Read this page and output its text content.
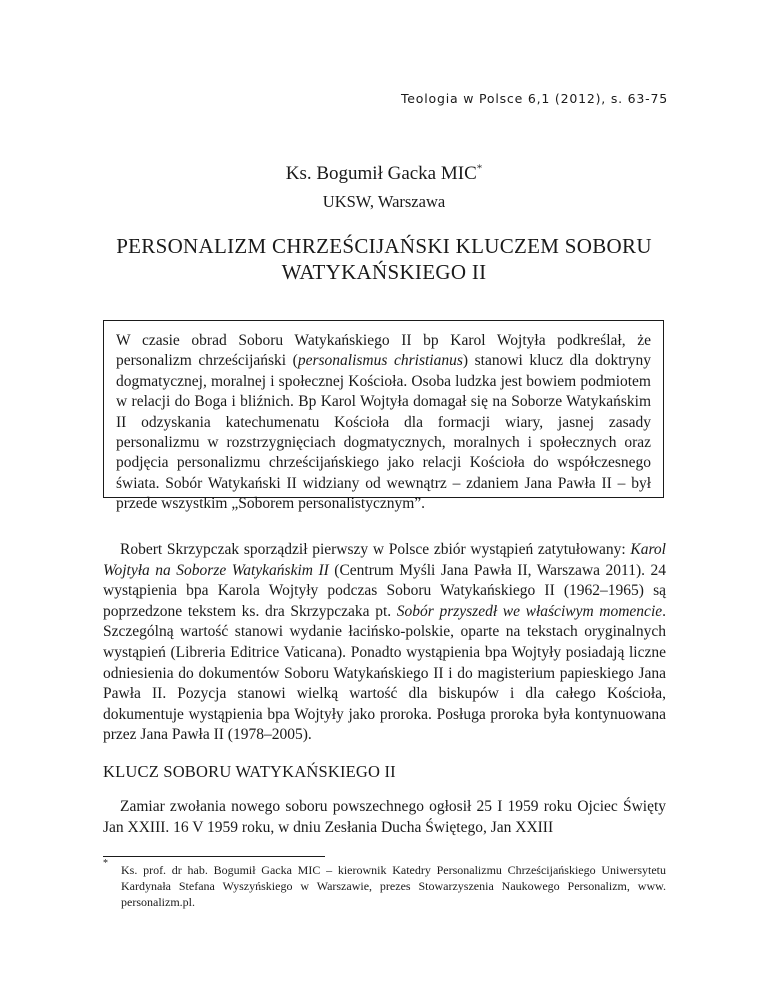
Teologia w Polsce 6,1 (2012), s. 63-75
Ks. Bogumił Gacka MIC*
UKSW, Warszawa
PERSONALIZM CHRZEŚCIJAŃSKI KLUCZEM SOBORU
WATYKAŃSKIEGO II

W czasie obrad Soboru Watykańskiego II bp Karol Wojtyła podkreślał, że personalizm chrześcijański (personalismus christianus) stanowi klucz dla doktryny dogmatycznej, moralnej i społecznej Kościoła. Osoba ludzka jest bowiem podmiotem w relacji do Boga i bliźnich. Bp Karol Wojtyła domagał się na Soborze Watykańskim II odzyskania katechumenatu Kościoła dla formacji wiary, jasnej zasady personalizmu w rozstrzygnięciach dogmatycznych, moralnych i społecznych oraz podjęcia personalizmu chrześcijańskiego jako relacji Kościoła do współczesnego świata. Sobór Watykański II widziany od wewnątrz – zdaniem Jana Pawła II – był przede wszystkim „Soborem personalistycznym”.

Robert Skrzypczak sporządził pierwszy w Polsce zbiór wystąpień zatytułowany: Karol Wojtyła na Soborze Watykańskim II (Centrum Myśli Jana Pawła II, Warszawa 2011). 24 wystąpienia bpa Karola Wojtyły podczas Soboru Watykańskiego II (1962–1965) są poprzedzone tekstem ks. dra Skrzypczaka pt. Sobór przyszedł we właściwym momencie. Szczególną wartość stanowi wydanie łacińsko-polskie, oparte na tekstach oryginalnych wystąpień (Libreria Editrice Vaticana). Ponadto wystąpienia bpa Wojtyły posiadają liczne odniesienia do dokumentów Soboru Watykańskiego II i do magisterium papieskiego Jana Pawła II. Pozycja stanowi wielką wartość dla biskupów i dla całego Kościoła, dokumentuje wystąpienia bpa Wojtyły jako proroka. Posługa proroka była kontynuowana przez Jana Pawła II (1978–2005).

KLUCZ SOBORU WATYKAŃSKIEGO II

Zamiar zwołania nowego soboru powszechnego ogłosił 25 I 1959 roku Ojciec Święty Jan XXIII. 16 V 1959 roku, w dniu Zesłania Ducha Świętego, Jan XXIII

* Ks. prof. dr hab. Bogumił Gacka MIC – kierownik Katedry Personalizmu Chrześcijańskiego Uniwersytetu Kardynała Stefana Wyszyńskiego w Warszawie, prezes Stowarzyszenia Naukowego Personalizm, www. personalizm.pl.
